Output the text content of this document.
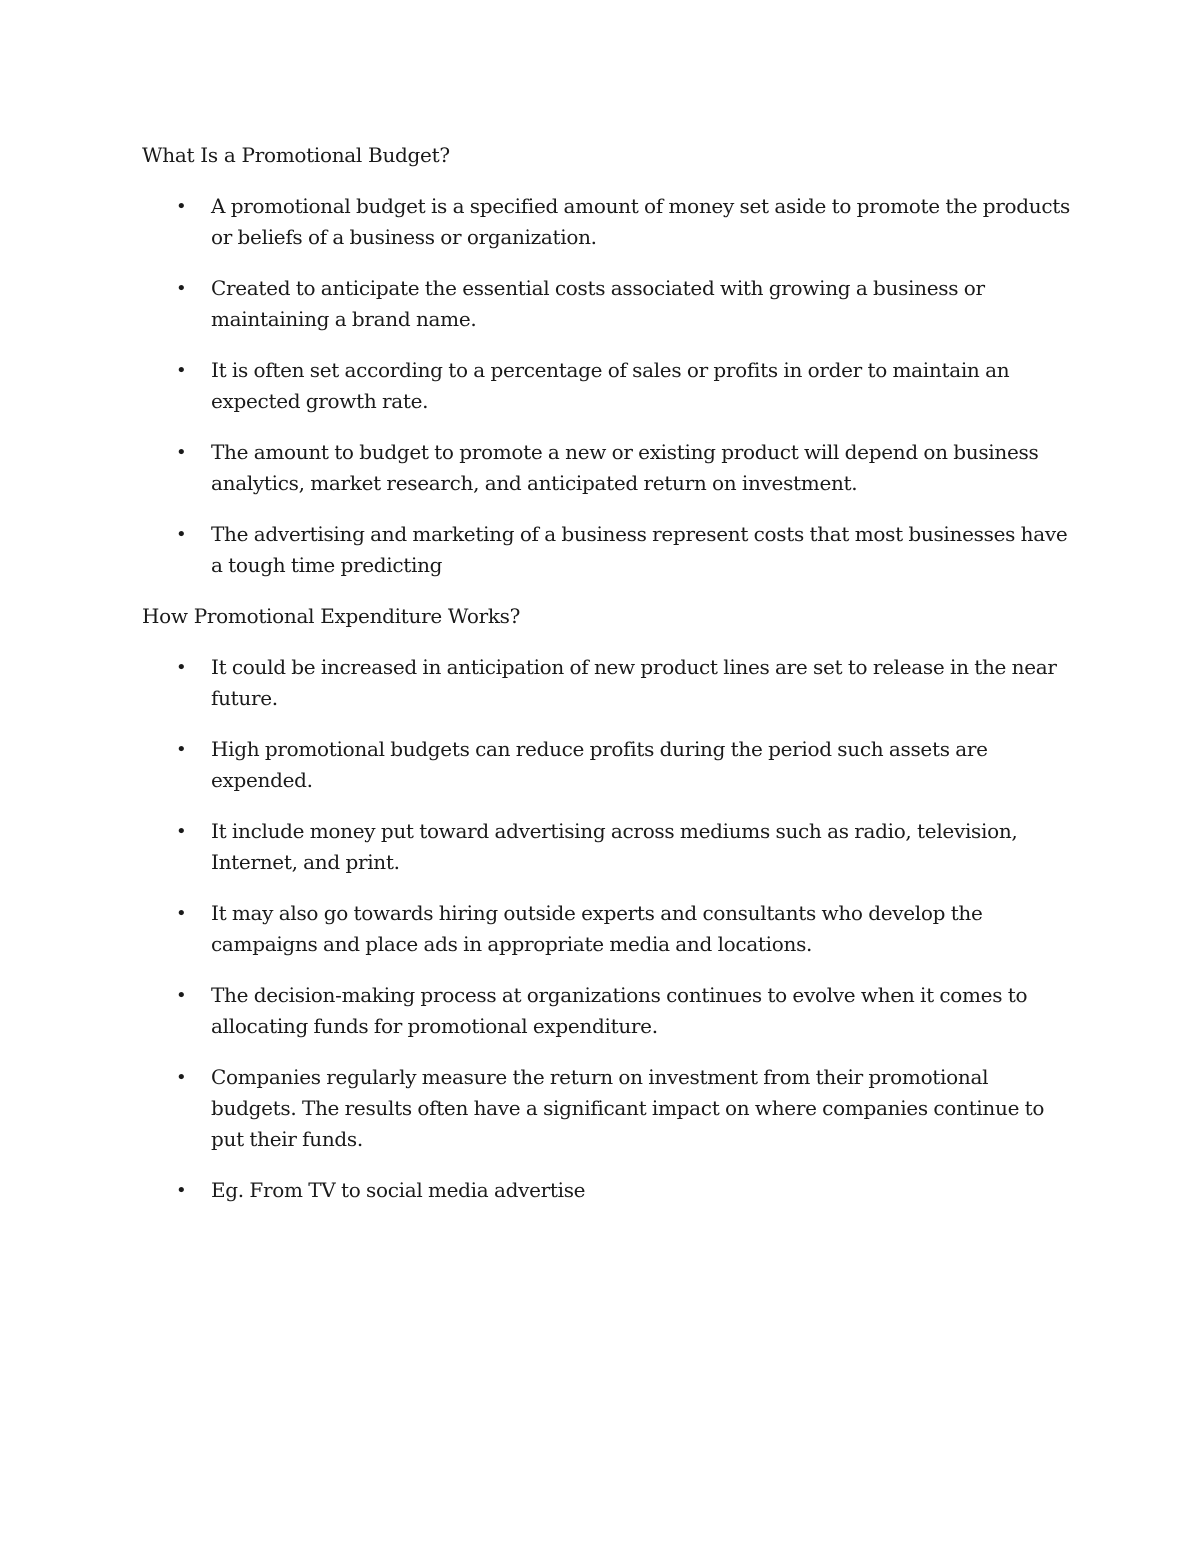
What Is a Promotional Budget?

• A promotional budget is a specified amount of money set aside to promote the products or beliefs of a business or organization.
• Created to anticipate the essential costs associated with growing a business or maintaining a brand name.
• It is often set according to a percentage of sales or profits in order to maintain an expected growth rate.
• The amount to budget to promote a new or existing product will depend on business analytics, market research, and anticipated return on investment.
• The advertising and marketing of a business represent costs that most businesses have a tough time predicting

How Promotional Expenditure Works?

• It could be increased in anticipation of new product lines are set to release in the near future.
• High promotional budgets can reduce profits during the period such assets are expended.
• It include money put toward advertising across mediums such as radio, television, Internet, and print.
• It may also go towards hiring outside experts and consultants who develop the campaigns and place ads in appropriate media and locations.
• The decision-making process at organizations continues to evolve when it comes to allocating funds for promotional expenditure.
• Companies regularly measure the return on investment from their promotional budgets. The results often have a significant impact on where companies continue to put their funds.
• Eg. From TV to social media advertise
